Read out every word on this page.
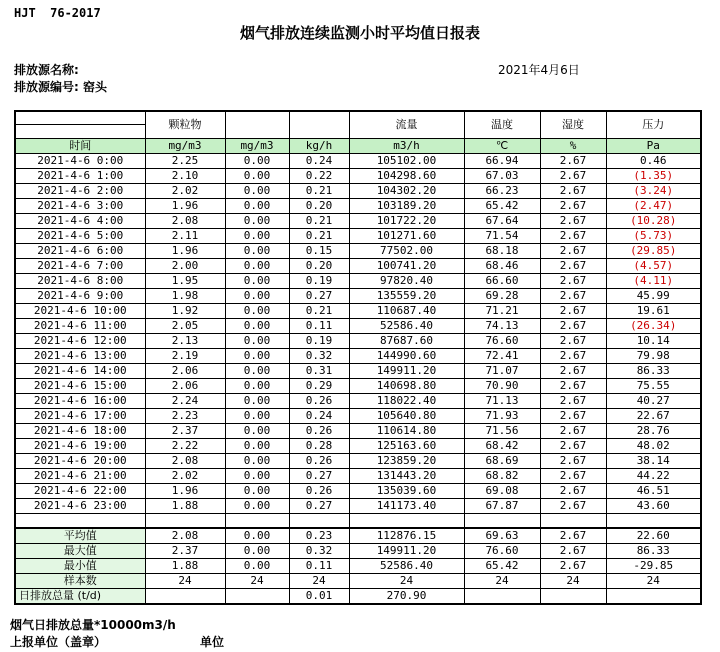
HJT  76-2017
烟气排放连续监测小时平均值日报表
排放源名称:	2021年4月6日
排放源编号: 窑头
	颗粒物			流量	温度	湿度	压力
时间	mg/m3	mg/m3	kg/h	m3/h	℃	%	Pa
2021-4-6 0:00	2.25	0.00	0.24	105102.00	66.94	2.67	0.46
2021-4-6 1:00	2.10	0.00	0.22	104298.60	67.03	2.67	(1.35)
2021-4-6 2:00	2.02	0.00	0.21	104302.20	66.23	2.67	(3.24)
2021-4-6 3:00	1.96	0.00	0.20	103189.20	65.42	2.67	(2.47)
2021-4-6 4:00	2.08	0.00	0.21	101722.20	67.64	2.67	(10.28)
2021-4-6 5:00	2.11	0.00	0.21	101271.60	71.54	2.67	(5.73)
2021-4-6 6:00	1.96	0.00	0.15	77502.00	68.18	2.67	(29.85)
2021-4-6 7:00	2.00	0.00	0.20	100741.20	68.46	2.67	(4.57)
2021-4-6 8:00	1.95	0.00	0.19	97820.40	66.60	2.67	(4.11)
2021-4-6 9:00	1.98	0.00	0.27	135559.20	69.28	2.67	45.99
2021-4-6 10:00	1.92	0.00	0.21	110687.40	71.21	2.67	19.61
2021-4-6 11:00	2.05	0.00	0.11	52586.40	74.13	2.67	(26.34)
2021-4-6 12:00	2.13	0.00	0.19	87687.60	76.60	2.67	10.14
2021-4-6 13:00	2.19	0.00	0.32	144990.60	72.41	2.67	79.98
2021-4-6 14:00	2.06	0.00	0.31	149911.20	71.07	2.67	86.33
2021-4-6 15:00	2.06	0.00	0.29	140698.80	70.90	2.67	75.55
2021-4-6 16:00	2.24	0.00	0.26	118022.40	71.13	2.67	40.27
2021-4-6 17:00	2.23	0.00	0.24	105640.80	71.93	2.67	22.67
2021-4-6 18:00	2.37	0.00	0.26	110614.80	71.56	2.67	28.76
2021-4-6 19:00	2.22	0.00	0.28	125163.60	68.42	2.67	48.02
2021-4-6 20:00	2.08	0.00	0.26	123859.20	68.69	2.67	38.14
2021-4-6 21:00	2.02	0.00	0.27	131443.20	68.82	2.67	44.22
2021-4-6 22:00	1.96	0.00	0.26	135039.60	69.08	2.67	46.51
2021-4-6 23:00	1.88	0.00	0.27	141173.40	67.87	2.67	43.60

平均值	2.08	0.00	0.23	112876.15	69.63	2.67	22.60
最大值	2.37	0.00	0.32	149911.20	76.60	2.67	86.33
最小值	1.88	0.00	0.11	52586.40	65.42	2.67	-29.85
样本数	24	24	24	24	24	24	24
日排放总量 (t/d)			0.01	270.90			
烟气日排放总量*10000m3/h
上报单位（盖章）	单位
